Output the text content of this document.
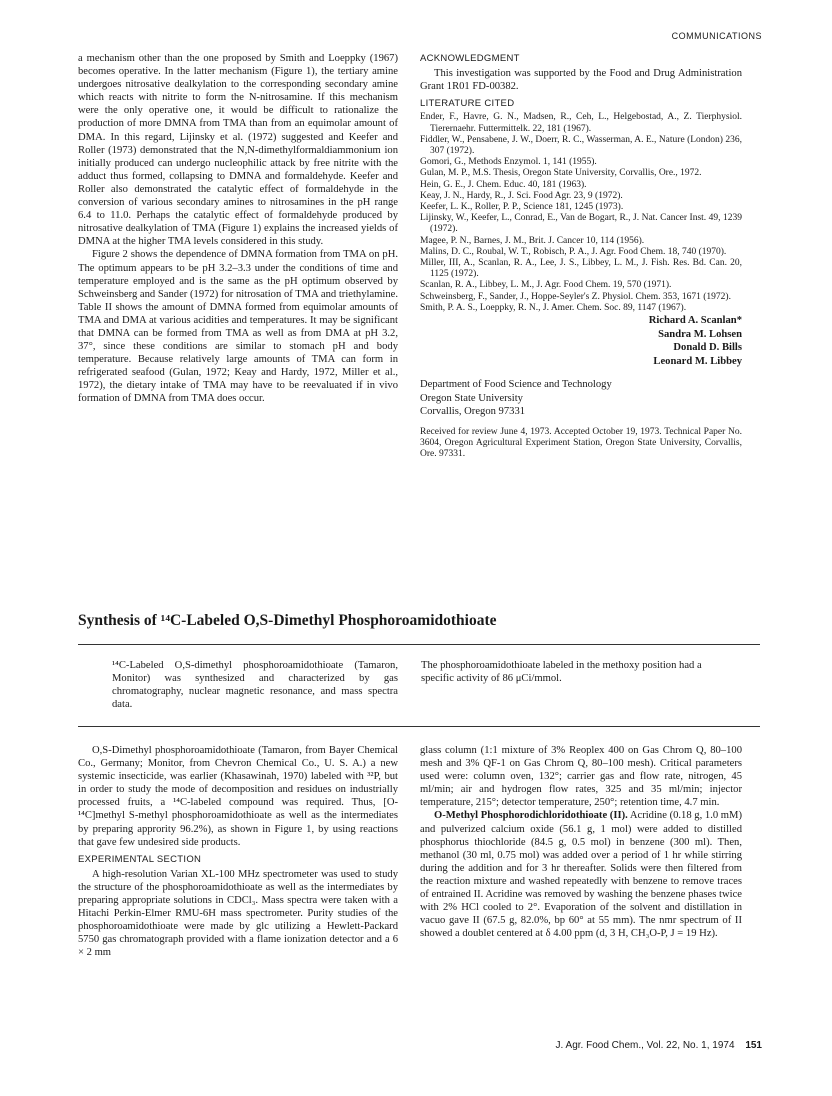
COMMUNICATIONS

a mechanism other than the one proposed by Smith and Loeppky (1967) becomes operative. In the latter mechanism (Figure 1), the tertiary amine undergoes nitrosative dealkylation to the corresponding secondary amine which reacts with nitrite to form the N-nitrosamine. If this mechanism were the only operative one, it would be difficult to rationalize the production of more DMNA from TMA than from an equimolar amount of DMA. In this regard, Lijinsky et al. (1972) suggested and Keefer and Roller (1973) demonstrated that the N,N-dimethylformaldiammonium ion initially produced can undergo nucleophilic attack by free nitrite with the adduct thus formed, collapsing to DMNA and formaldehyde. Keefer and Roller also demonstrated the catalytic effect of formaldehyde in the conversion of various secondary amines to nitrosamines in the pH range 6.4 to 11.0. Perhaps the catalytic effect of formaldehyde produced by nitrosative dealkylation of TMA (Figure 1) explains the increased yields of DMNA at the higher TMA levels considered in this study.

Figure 2 shows the dependence of DMNA formation from TMA on pH. The optimum appears to be pH 3.2–3.3 under the conditions of time and temperature employed and is the same as the pH optimum observed by Schweinsberg and Sander (1972) for nitrosation of TMA and triethylamine. Table II shows the amount of DMNA formed from equimolar amounts of TMA and DMA at various acidities and temperatures. It may be significant that DMNA can be formed from TMA as well as from DMA at pH 3.2, 37°, since these conditions are similar to stomach pH and body temperature. Because relatively large amounts of TMA can form in refrigerated seafood (Gulan, 1972; Keay and Hardy, 1972, Miller et al., 1972), the dietary intake of TMA may have to be reevaluated if in vivo formation of DMNA from TMA does occur.

ACKNOWLEDGMENT

This investigation was supported by the Food and Drug Administration Grant 1R01 FD-00382.

LITERATURE CITED

Ender, F., Havre, G. N., Madsen, R., Ceh, L., Helgebostad, A., Z. Tierphysiol. Tierernaehr. Futtermittelk. 22, 181 (1967).

Fiddler, W., Pensabene, J. W., Doerr, R. C., Wasserman, A. E., Nature (London) 236, 307 (1972).

Gomori, G., Methods Enzymol. 1, 141 (1955).

Gulan, M. P., M.S. Thesis, Oregon State University, Corvallis, Ore., 1972.

Hein, G. E., J. Chem. Educ. 40, 181 (1963).

Keay, J. N., Hardy, R., J. Sci. Food Agr. 23, 9 (1972).

Keefer, L. K., Roller, P. P., Science 181, 1245 (1973).

Lijinsky, W., Keefer, L., Conrad, E., Van de Bogart, R., J. Nat. Cancer Inst. 49, 1239 (1972).

Magee, P. N., Barnes, J. M., Brit. J. Cancer 10, 114 (1956).

Malins, D. C., Roubal, W. T., Robisch, P. A., J. Agr. Food Chem. 18, 740 (1970).

Miller, III, A., Scanlan, R. A., Lee, J. S., Libbey, L. M., J. Fish. Res. Bd. Can. 20, 1125 (1972).

Scanlan, R. A., Libbey, L. M., J. Agr. Food Chem. 19, 570 (1971).

Schweinsberg, F., Sander, J., Hoppe-Seyler's Z. Physiol. Chem. 353, 1671 (1972).

Smith, P. A. S., Loeppky, R. N., J. Amer. Chem. Soc. 89, 1147 (1967).

Richard A. Scanlan*
Sandra M. Lohsen
Donald D. Bills
Leonard M. Libbey
Department of Food Science and Technology
Oregon State University
Corvallis, Oregon 97331

Received for review June 4, 1973. Accepted October 19, 1973. Technical Paper No. 3604, Oregon Agricultural Experiment Station, Oregon State University, Corvallis, Ore. 97331.

Synthesis of ¹⁴C-Labeled O,S-Dimethyl Phosphoroamidothioate
¹⁴C-Labeled O,S-dimethyl phosphoroamidothioate (Tamaron, Monitor) was synthesized and characterized by gas chromatography, nuclear magnetic resonance, and mass spectra data.
The phosphoroamidothioate labeled in the methoxy position had a specific activity of 86 μCi/mmol.

O,S-Dimethyl phosphoroamidothioate (Tamaron, from Bayer Chemical Co., Germany; Monitor, from Chevron Chemical Co., U. S. A.) a new systemic insecticide, was earlier (Khasawinah, 1970) labeled with ³²P, but in order to study the mode of decomposition and residues on industrially processed fruits, a ¹⁴C-labeled compound was required. Thus, [O-¹⁴C]methyl S-methyl phosphoroamidothioate as well as the intermediates by preparing apprority 96.2%), as shown in Figure 1, by using reactions that gave few undesired side products.

EXPERIMENTAL SECTION

A high-resolution Varian XL-100 MHz spectrometer was used to study the structure of the phosphoroamidothioate as well as the intermediates by preparing appropriate solutions in CDCl₃. Mass spectra were taken with a Hitachi Perkin-Elmer RMU-6H mass spectrometer. Purity studies of the phosphoroamidothioate were made by glc utilizing a Hewlett-Packard 5750 gas chromatograph provided with a flame ionization detector and a 6 × 2 mm

glass column (1:1 mixture of 3% Reoplex 400 on Gas Chrom Q, 80–100 mesh and 3% QF-1 on Gas Chrom Q, 80–100 mesh). Critical parameters used were: column oven, 132°; carrier gas and flow rate, nitrogen, 45 ml/min; air and hydrogen flow rates, 325 and 35 ml/min; injector temperature, 215°; detector temperature, 250°; retention time, 4.7 min.

O-Methyl Phosphorodichloridothioate (II). Acridine (0.18 g, 1.0 mM) and pulverized calcium oxide (56.1 g, 1 mol) were added to distilled phosphorus thiochloride (84.5 g, 0.5 mol) in benzene (300 ml). Then, methanol (30 ml, 0.75 mol) was added over a period of 1 hr while stirring during the addition and for 3 hr thereafter. Solids were then filtered from the reaction mixture and washed repeatedly with benzene to remove traces of entrained II. Acridine was removed by washing the benzene phases twice with 2% HCl cooled to 2°. Evaporation of the solvent and distillation in vacuo gave II (67.5 g, 82.0%, bp 60° at 55 mm). The nmr spectrum of II showed a doublet centered at δ 4.00 ppm (d, 3 H, CH₃O-P, J = 19 Hz).

J. Agr. Food Chem., Vol. 22, No. 1, 1974 151
